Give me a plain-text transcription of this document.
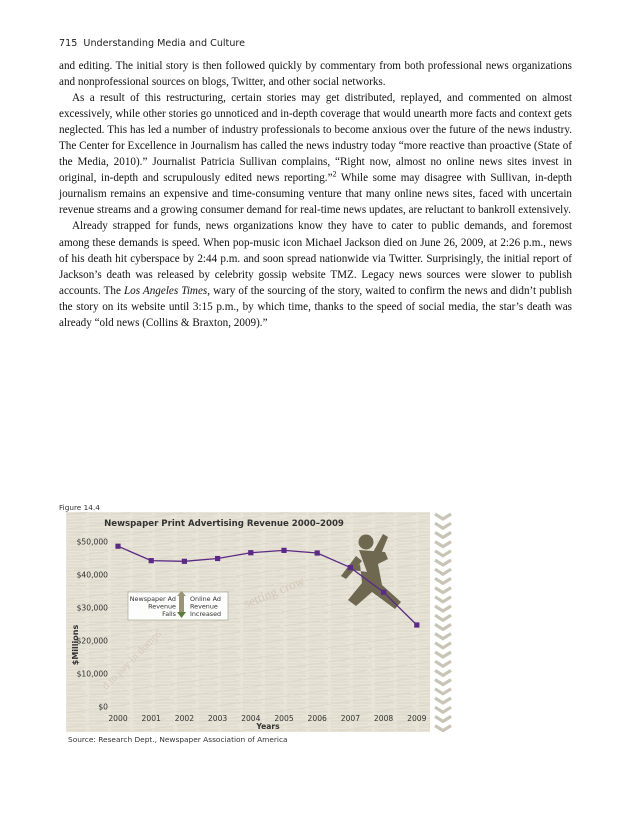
715 Understanding Media and Culture

and editing. The initial story is then followed quickly by commentary from both professional news organizations and nonprofessional sources on blogs, Twitter, and other social networks.

As a result of this restructuring, certain stories may get distributed, replayed, and commented on almost excessively, while other stories go unnoticed and in-depth coverage that would unearth more facts and context gets neglected. This has led a number of industry professionals to become anxious over the future of the news industry. The Center for Excellence in Journalism has called the news industry today “more reactive than proactive (State of the Media, 2010).” Journalist Patricia Sullivan complains, “Right now, almost no online news sites invest in original, in-depth and scrupulously edited news reporting.”$^2$ While some may disagree with Sullivan, in-depth journalism remains an expensive and time-consuming venture that many online news sites, faced with uncertain revenue streams and a growing consumer demand for real-time news updates, are reluctant to bankroll extensively.

Already strapped for funds, news organizations know they have to cater to public demands, and foremost among these demands is speed. When pop-music icon Michael Jackson died on June 26, 2009, at 2:26 p.m., news of his death hit cyberspace by 2:44 p.m. and soon spread nationwide via Twitter. Surprisingly, the initial report of Jackson’s death was released by celebrity gossip website TMZ. Legacy news sources were slower to publish accounts. The Los Angeles Times, wary of the sourcing of the story, waited to confirm the news and didn’t publish the story on its website until 3:15 p.m., by which time, thanks to the speed of social media, the star’s death was already “old news (Collins & Braxton, 2009).”

Figure 14.4
setting crow
d to pay in dumps
Newspaper Print Advertising Revenue 2000–2009
$0
$10,000
$20,000
$30,000
$40,000
$50,000
2000 2001 2002 2003 2004 2005 2006 2007 2008 2009
$Millions
Years
Newspaper Ad
Revenue
Falls
Online Ad
Revenue
Increased
Source: Research Dept., Newspaper Association of America
